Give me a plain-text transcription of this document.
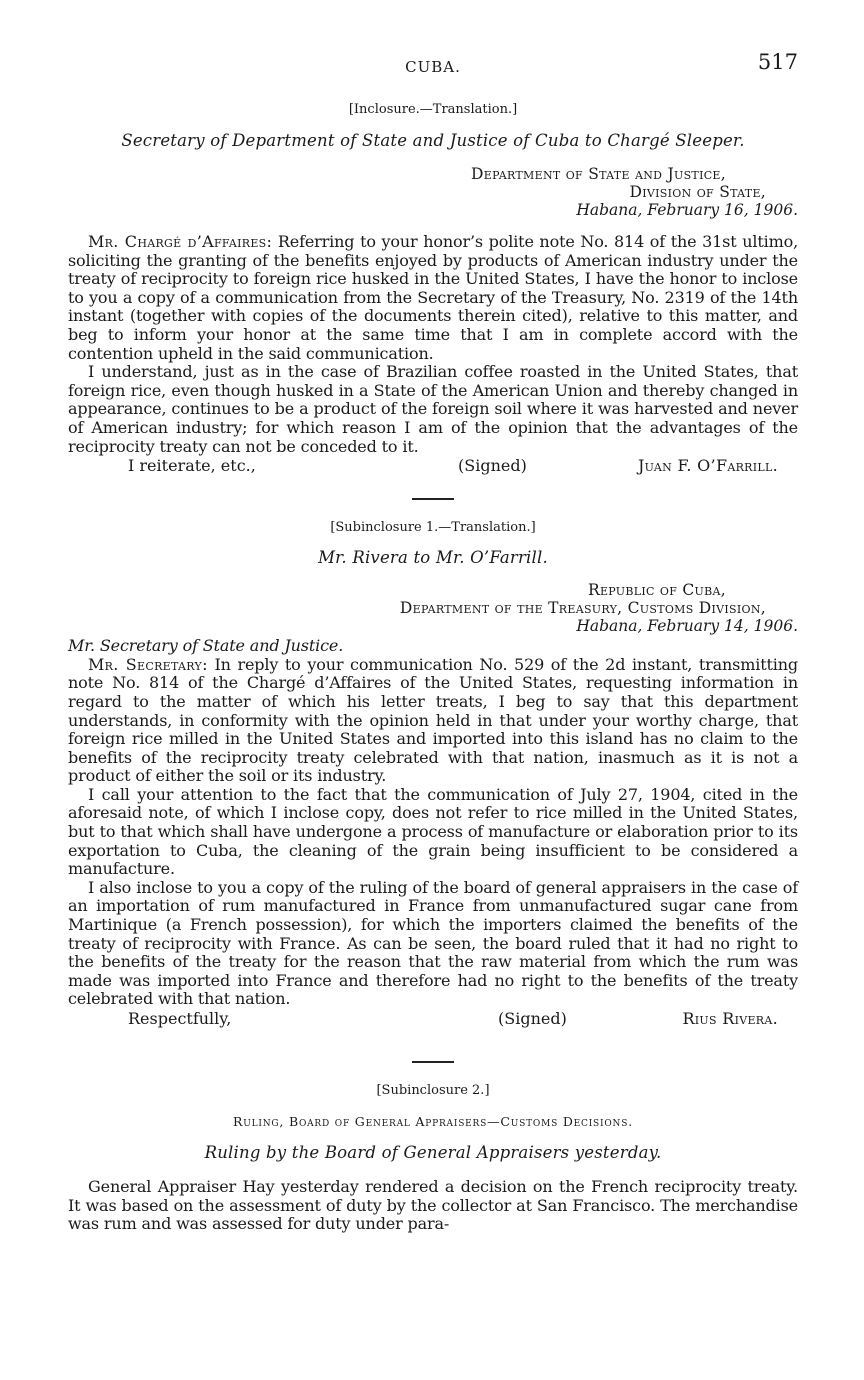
CUBA.	517
[Inclosure.—Translation.]
Secretary of Department of State and Justice of Cuba to Chargé Sleeper.
Department of State and Justice,
Division of State,
Habana, February 16, 1906.

Mr. Chargé d’Affaires: Referring to your honor’s polite note No. 814 of the 31st ultimo, soliciting the granting of the benefits enjoyed by products of American industry under the treaty of reciprocity to foreign rice husked in the United States, I have the honor to inclose to you a copy of a communication from the Secretary of the Treasury, No. 2319 of the 14th instant (together with copies of the documents therein cited), relative to this matter, and beg to inform your honor at the same time that I am in complete accord with the contention upheld in the said communication.

I understand, just as in the case of Brazilian coffee roasted in the United States, that foreign rice, even though husked in a State of the American Union and thereby changed in appearance, continues to be a product of the foreign soil where it was harvested and never of American industry; for which reason I am of the opinion that the advantages of the reciprocity treaty can not be conceded to it.

I reiterate, etc.,	(Signed)	Juan F. O’Farrill.
[Subinclosure 1.—Translation.]
Mr. Rivera to Mr. O’Farrill.
Republic of Cuba,
Department of the Treasury, Customs Division,
Habana, February 14, 1906.

Mr. Secretary of State and Justice.

Mr. Secretary: In reply to your communication No. 529 of the 2d instant, transmitting note No. 814 of the Chargé d’Affaires of the United States, requesting information in regard to the matter of which his letter treats, I beg to say that this department understands, in conformity with the opinion held in that under your worthy charge, that foreign rice milled in the United States and imported into this island has no claim to the benefits of the reciprocity treaty celebrated with that nation, inasmuch as it is not a product of either the soil or its industry.

I call your attention to the fact that the communication of July 27, 1904, cited in the aforesaid note, of which I inclose copy, does not refer to rice milled in the United States, but to that which shall have undergone a process of manufacture or elaboration prior to its exportation to Cuba, the cleaning of the grain being insufficient to be considered a manufacture.

I also inclose to you a copy of the ruling of the board of general appraisers in the case of an importation of rum manufactured in France from unmanufactured sugar cane from Martinique (a French possession), for which the importers claimed the benefits of the treaty of reciprocity with France. As can be seen, the board ruled that it had no right to the benefits of the treaty for the reason that the raw material from which the rum was made was imported into France and therefore had no right to the benefits of the treaty celebrated with that nation.

Respectfully,	(Signed)	Rius Rivera.
[Subinclosure 2.]
Ruling, Board of General Appraisers—Customs Decisions.
Ruling by the Board of General Appraisers yesterday.

General Appraiser Hay yesterday rendered a decision on the French reciprocity treaty. It was based on the assessment of duty by the collector at San Francisco. The merchandise was rum and was assessed for duty under para-
